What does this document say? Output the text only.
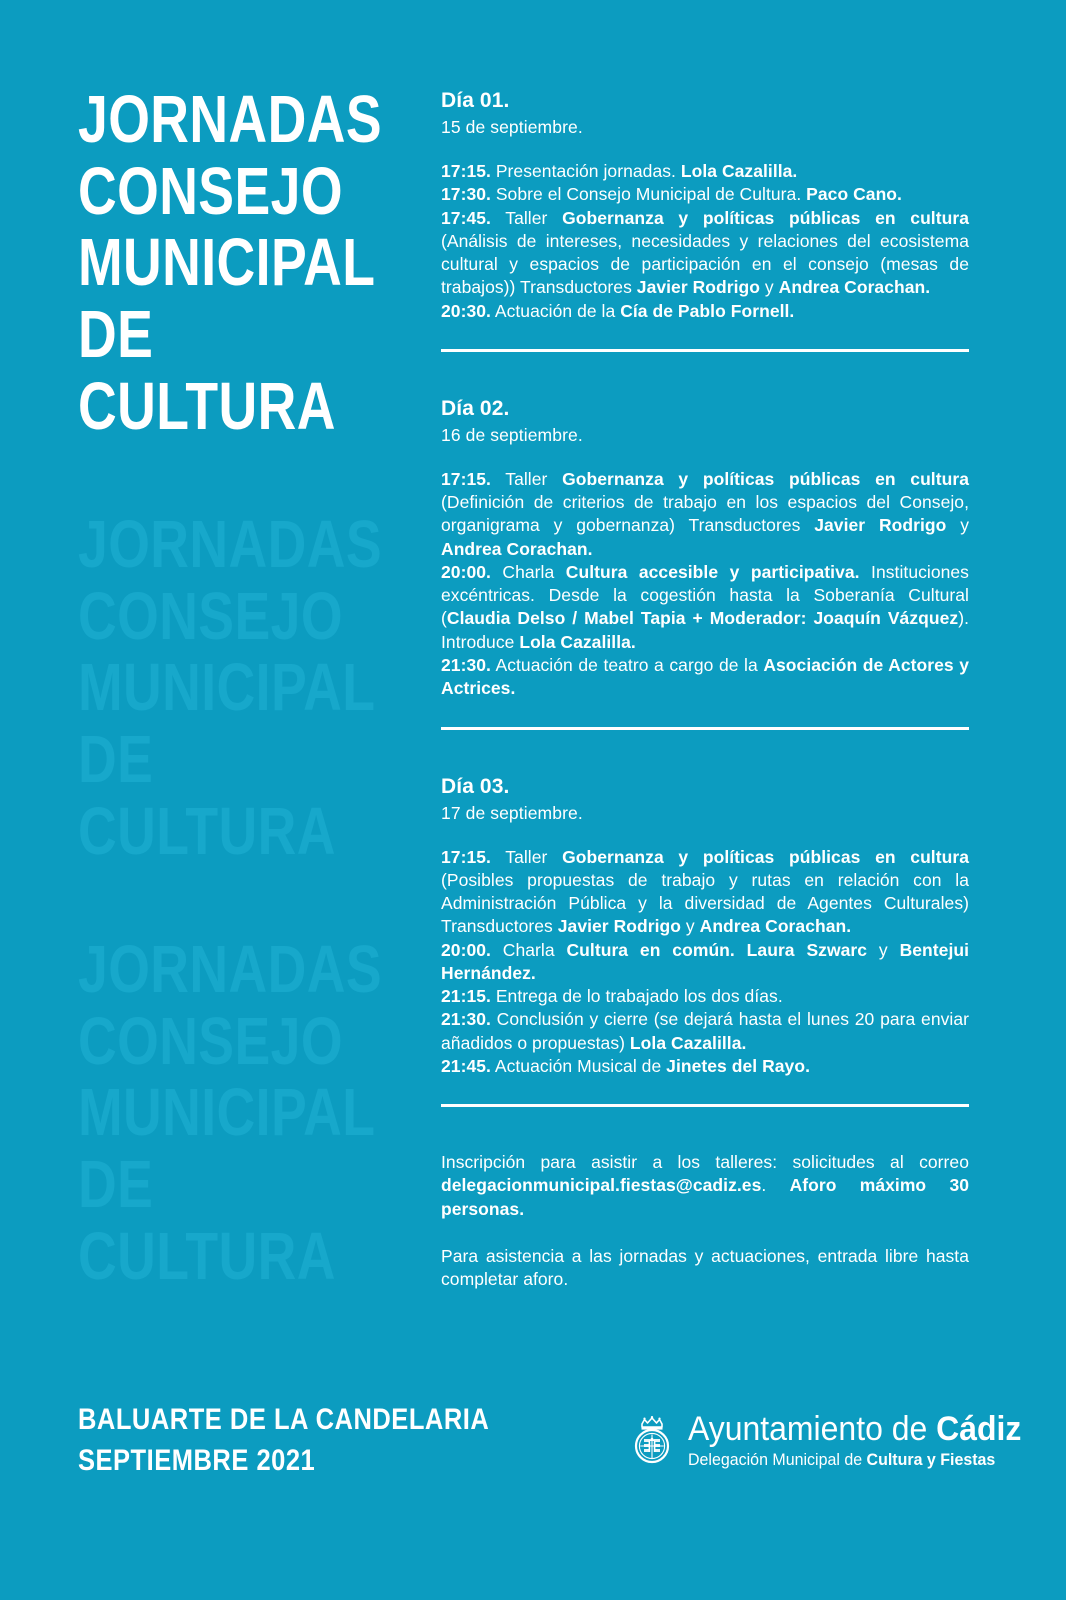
JORNADAS
CONSEJO
MUNICIPAL
DE
CULTURA
JORNADAS
CONSEJO
MUNICIPAL
DE
CULTURA
JORNADAS
CONSEJO
MUNICIPAL
DE
CULTURA
BALUARTE DE LA CANDELARIA
SEPTIEMBRE 2021
Día 01.
15 de septiembre.

17:15. Presentación jornadas. Lola Cazalilla.

17:30. Sobre el Consejo Municipal de Cultura. Paco Cano.

17:45. Taller Gobernanza y políticas públicas en cultura (Análisis de intereses, necesidades y relaciones del ecosistema cultural y espacios de participación en el consejo (mesas de trabajos)) Transductores Javier Rodrigo y Andrea Corachan.

20:30. Actuación de la Cía de Pablo Fornell.

Día 02.
16 de septiembre.

17:15. Taller Gobernanza y políticas públicas en cultura (Definición de criterios de trabajo en los espacios del Consejo, organigrama y gobernanza) Transductores Javier Rodrigo y Andrea Corachan.

20:00. Charla Cultura accesible y participativa. Instituciones excéntricas. Desde la cogestión hasta la Soberanía Cultural (Claudia Delso / Mabel Tapia + Moderador: Joaquín Vázquez). Introduce Lola Cazalilla.

21:30. Actuación de teatro a cargo de la Asociación de Actores y Actrices.

Día 03.
17 de septiembre.

17:15. Taller Gobernanza y políticas públicas en cultura (Posibles propuestas de trabajo y rutas en relación con la Administración Pública y la diversidad de Agentes Culturales) Transductores Javier Rodrigo y Andrea Corachan.

20:00. Charla Cultura en común. Laura Szwarc y Bentejui Hernández.

21:15. Entrega de lo trabajado los dos días.

21:30. Conclusión y cierre (se dejará hasta el lunes 20 para enviar añadidos o propuestas) Lola Cazalilla.

21:45. Actuación Musical de Jinetes del Rayo.

Inscripción para asistir a los talleres: solicitudes al correo delegacionmunicipal.fiestas@cadiz.es. Aforo máximo 30 personas.

Para asistencia a las jornadas y actuaciones, entrada libre hasta completar aforo.

Ayuntamiento de Cádiz
Delegación Municipal de Cultura y Fiestas
